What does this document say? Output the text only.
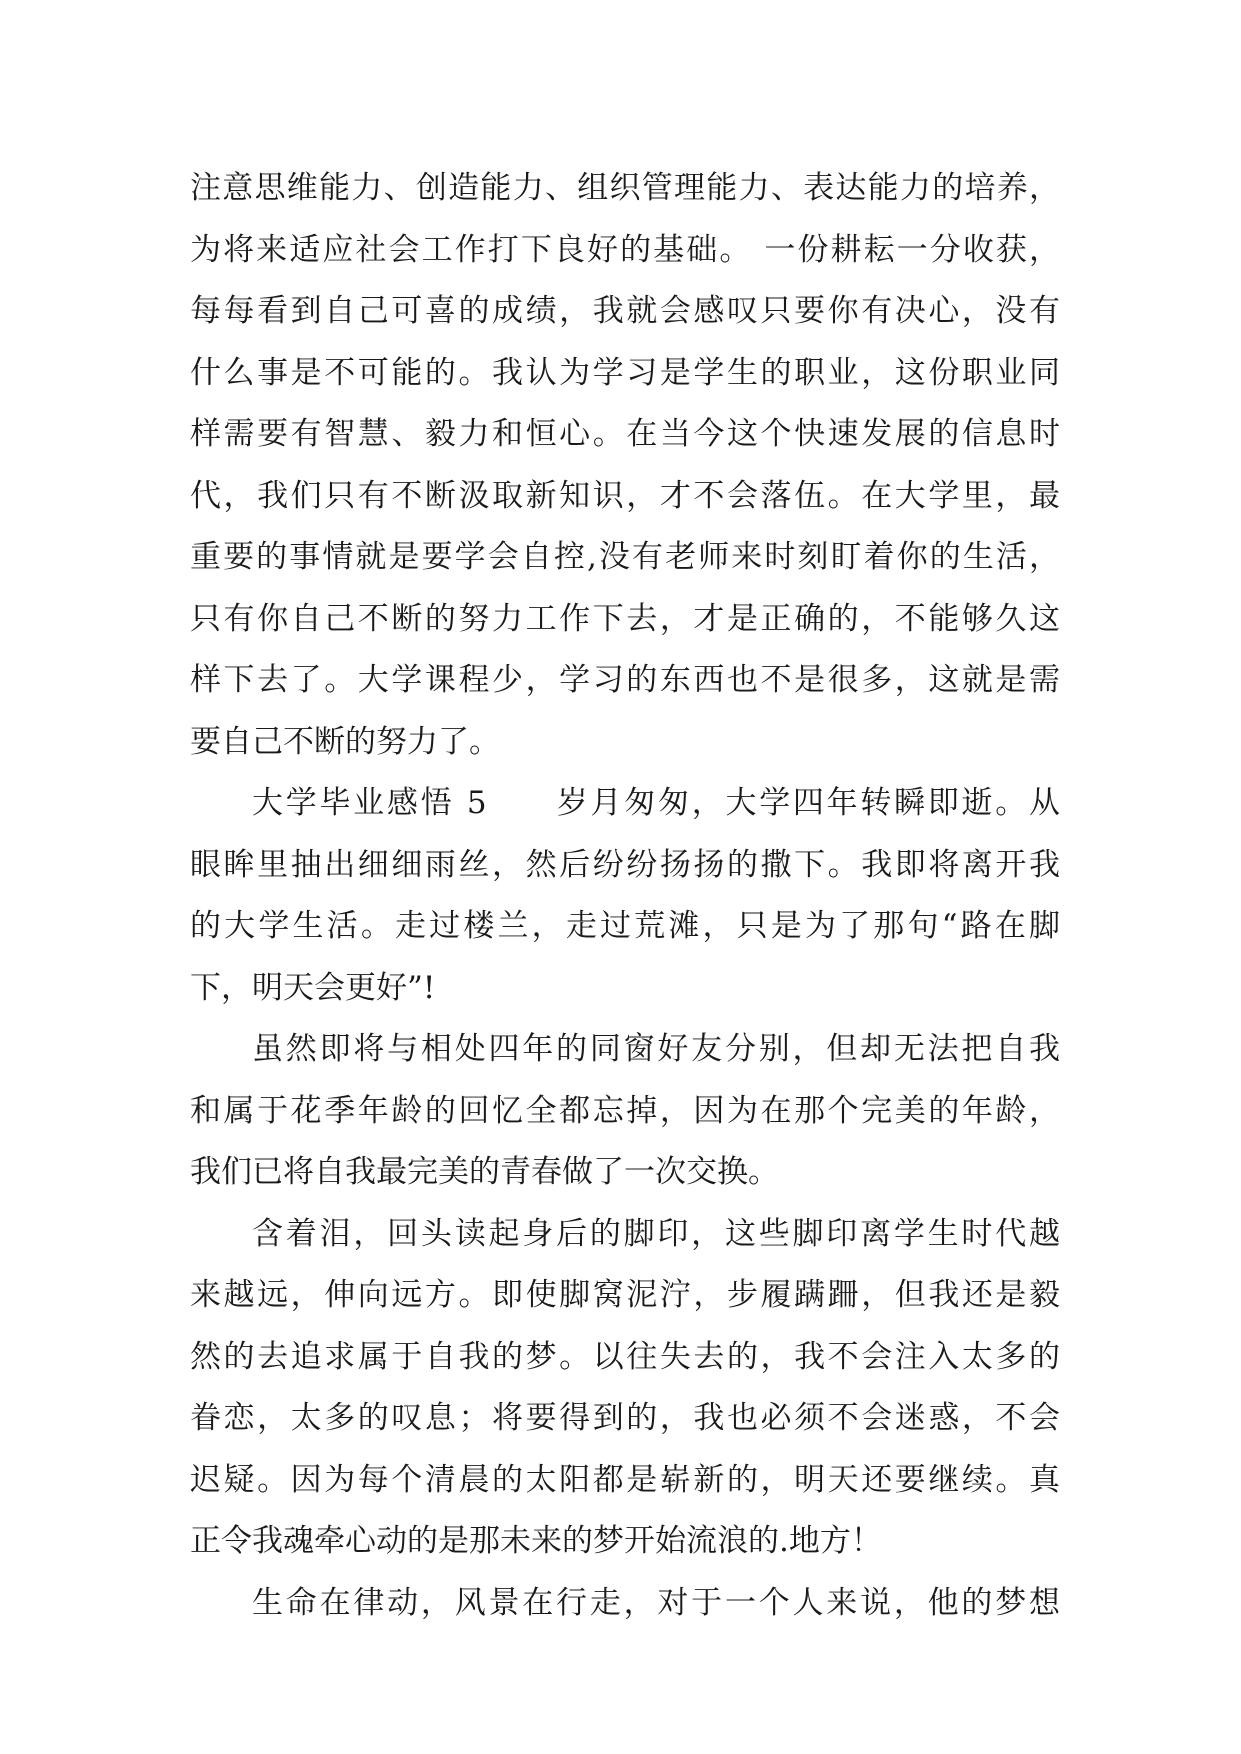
注意思维能力、创造能力、组织管理能力、表达能力的培养，
为将来适应社会工作打下良好的基础。 一份耕耘一分收获，
每每看到自己可喜的成绩，我就会感叹只要你有决心，没有
什么事是不可能的。我认为学习是学生的职业，这份职业同
样需要有智慧、毅力和恒心。在当今这个快速发展的信息时
代，我们只有不断汲取新知识，才不会落伍。在大学里，最
重要的事情就是要学会自控,没有老师来时刻盯着你的生活，
只有你自己不断的努力工作下去，才是正确的，不能够久这
样下去了。大学课程少，学习的东西也不是很多，这就是需
要自己不断的努力了。
大学毕业感悟 5　　岁月匆匆，大学四年转瞬即逝。从
眼眸里抽出细细雨丝，然后纷纷扬扬的撒下。我即将离开我
的大学生活。走过楼兰，走过荒滩，只是为了那句“路在脚
下，明天会更好”!
虽然即将与相处四年的同窗好友分别，但却无法把自我
和属于花季年龄的回忆全都忘掉，因为在那个完美的年龄，
我们已将自我最完美的青春做了一次交换。
含着泪，回头读起身后的脚印，这些脚印离学生时代越
来越远，伸向远方。即使脚窝泥泞，步履蹒跚，但我还是毅
然的去追求属于自我的梦。以往失去的，我不会注入太多的
眷恋，太多的叹息；将要得到的，我也必须不会迷惑，不会
迟疑。因为每个清晨的太阳都是崭新的，明天还要继续。真
正令我魂牵心动的是那未来的梦开始流浪的.地方！
生命在律动，风景在行走，对于一个人来说，他的梦想
